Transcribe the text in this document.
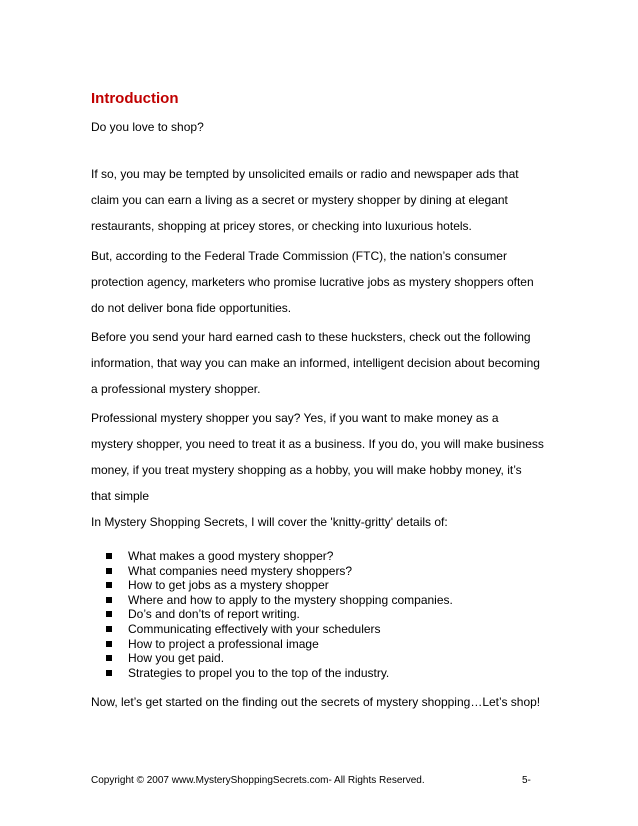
Introduction

Do you love to shop?

If so, you may be tempted by unsolicited emails or radio and newspaper ads that
claim you can earn a living as a secret or mystery shopper by dining at elegant
restaurants, shopping at pricey stores, or checking into luxurious hotels.

But, according to the Federal Trade Commission (FTC), the nation’s consumer
protection agency, marketers who promise lucrative jobs as mystery shoppers often
do not deliver bona fide opportunities.

Before you send your hard earned cash to these hucksters, check out the following
information, that way you can make an informed, intelligent decision about becoming
a professional mystery shopper.

Professional mystery shopper you say? Yes, if you want to make money as a
mystery shopper, you need to treat it as a business. If you do, you will make business
money, if you treat mystery shopping as a hobby, you will make hobby money, it’s
that simple

In Mystery Shopping Secrets, I will cover the 'knitty-gritty' details of:

What makes a good mystery shopper?
What companies need mystery shoppers?
How to get jobs as a mystery shopper
Where and how to apply to the mystery shopping companies.
Do’s and don’ts of report writing.
Communicating effectively with your schedulers
How to project a professional image
How you get paid.
Strategies to propel you to the top of the industry.

Now, let’s get started on the finding out the secrets of mystery shopping…Let’s shop!

Copyright © 2007 www.MysteryShoppingSecrets.com- All Rights Reserved.	5-
